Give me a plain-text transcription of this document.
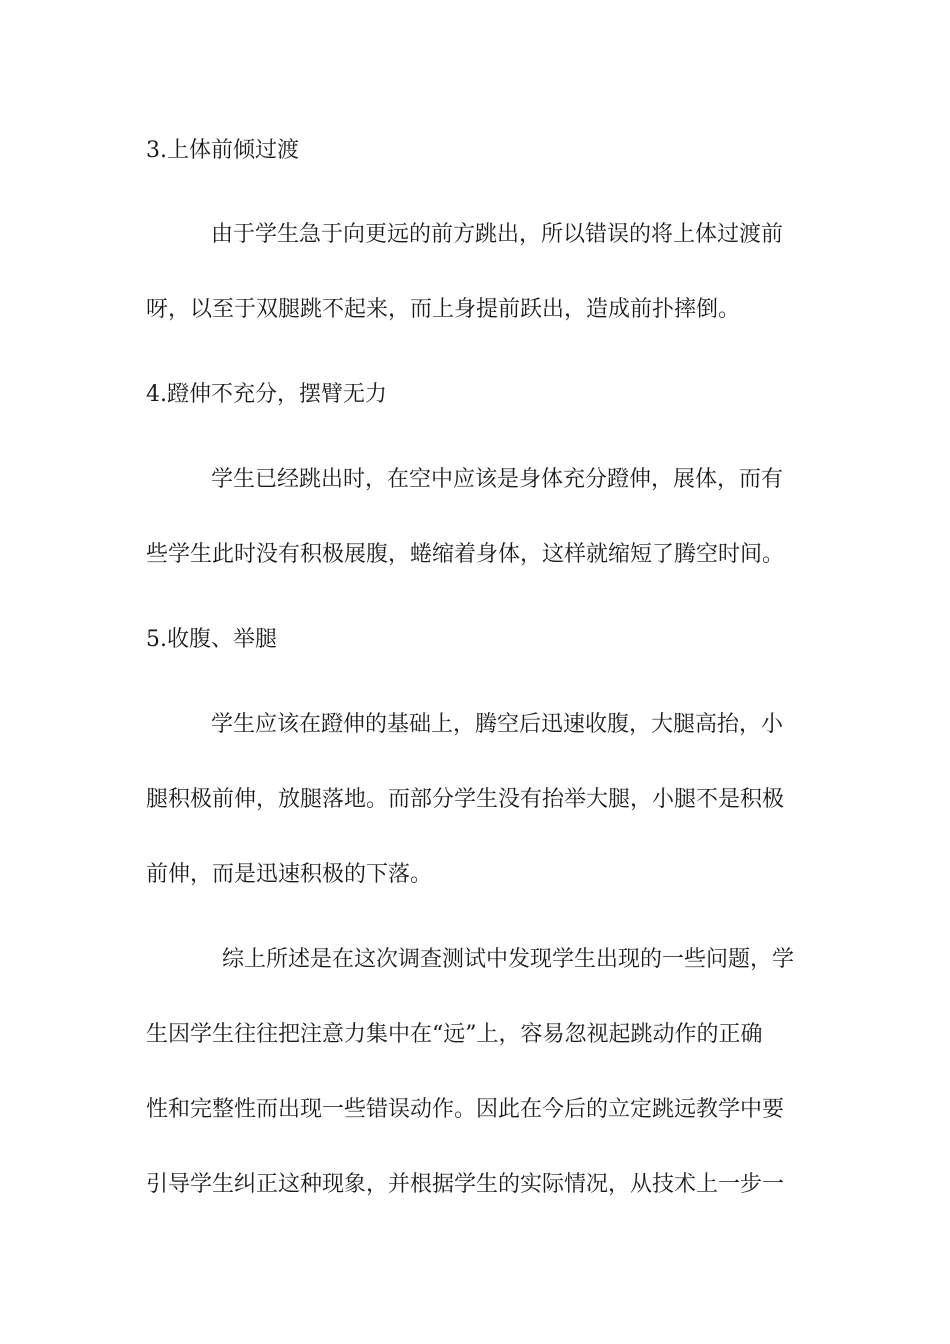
3.上体前倾过渡
由于学生急于向更远的前方跳出，所以错误的将上体过渡前
呀，以至于双腿跳不起来，而上身提前跃出，造成前扑摔倒。
4.蹬伸不充分，摆臂无力
学生已经跳出时，在空中应该是身体充分蹬伸，展体，而有
些学生此时没有积极展腹，蜷缩着身体，这样就缩短了腾空时间。
5.收腹、举腿
学生应该在蹬伸的基础上，腾空后迅速收腹，大腿高抬，小
腿积极前伸，放腿落地。而部分学生没有抬举大腿，小腿不是积极
前伸，而是迅速积极的下落。
综上所述是在这次调查测试中发现学生出现的一些问题，学
生因学生往往把注意力集中在“远”上，容易忽视起跳动作的正确
性和完整性而出现一些错误动作。因此在今后的立定跳远教学中要
引导学生纠正这种现象，并根据学生的实际情况，从技术上一步一
